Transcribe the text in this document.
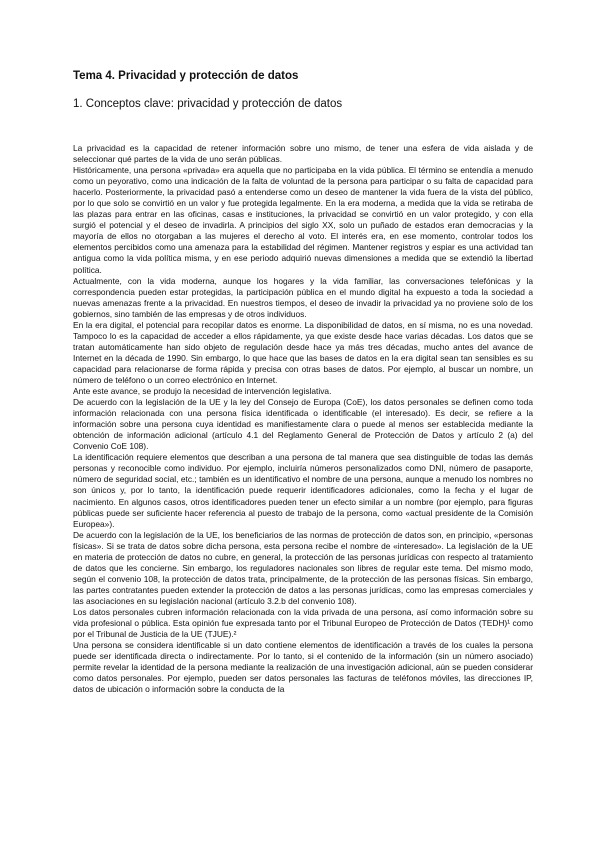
Tema 4. Privacidad y protección de datos
1. Conceptos clave: privacidad y protección de datos

La privacidad es la capacidad de retener información sobre uno mismo, de tener una esfera de vida aislada y de seleccionar qué partes de la vida de uno serán públicas.

Históricamente, una persona «privada» era aquella que no participaba en la vida pública. El término se entendía a menudo como un peyorativo, como una indicación de la falta de voluntad de la persona para participar o su falta de capacidad para hacerlo. Posteriormente, la privacidad pasó a entenderse como un deseo de mantener la vida fuera de la vista del público, por lo que solo se convirtió en un valor y fue protegida legalmente. En la era moderna, a medida que la vida se retiraba de las plazas para entrar en las oficinas, casas e instituciones, la privacidad se convirtió en un valor protegido, y con ella surgió el potencial y el deseo de invadirla. A principios del siglo XX, solo un puñado de estados eran democracias y la mayoría de ellos no otorgaban a las mujeres el derecho al voto. El interés era, en ese momento, controlar todos los elementos percibidos como una amenaza para la estabilidad del régimen. Mantener registros y espiar es una actividad tan antigua como la vida política misma, y en ese periodo adquirió nuevas dimensiones a medida que se extendió la libertad política.

Actualmente, con la vida moderna, aunque los hogares y la vida familiar, las conversaciones telefónicas y la correspondencia pueden estar protegidas, la participación pública en el mundo digital ha expuesto a toda la sociedad a nuevas amenazas frente a la privacidad. En nuestros tiempos, el deseo de invadir la privacidad ya no proviene solo de los gobiernos, sino también de las empresas y de otros individuos.

En la era digital, el potencial para recopilar datos es enorme. La disponibilidad de datos, en sí misma, no es una novedad. Tampoco lo es la capacidad de acceder a ellos rápidamente, ya que existe desde hace varias décadas. Los datos que se tratan automáticamente han sido objeto de regulación desde hace ya más tres décadas, mucho antes del avance de Internet en la década de 1990. Sin embargo, lo que hace que las bases de datos en la era digital sean tan sensibles es su capacidad para relacionarse de forma rápida y precisa con otras bases de datos. Por ejemplo, al buscar un nombre, un número de teléfono o un correo electrónico en Internet.

Ante este avance, se produjo la necesidad de intervención legislativa.

De acuerdo con la legislación de la UE y la ley del Consejo de Europa (CoE), los datos personales se definen como toda información relacionada con una persona física identificada o identificable (el interesado). Es decir, se refiere a la información sobre una persona cuya identidad es manifiestamente clara o puede al menos ser establecida mediante la obtención de información adicional (artículo 4.1 del Reglamento General de Protección de Datos y artículo 2 (a) del Convenio CoE 108).

La identificación requiere elementos que describan a una persona de tal manera que sea distinguible de todas las demás personas y reconocible como individuo. Por ejemplo, incluiría números personalizados como DNI, número de pasaporte, número de seguridad social, etc.; también es un identificativo el nombre de una persona, aunque a menudo los nombres no son únicos y, por lo tanto, la identificación puede requerir identificadores adicionales, como la fecha y el lugar de nacimiento. En algunos casos, otros identificadores pueden tener un efecto similar a un nombre (por ejemplo, para figuras públicas puede ser suficiente hacer referencia al puesto de trabajo de la persona, como «actual presidente de la Comisión Europea»).

De acuerdo con la legislación de la UE, los beneficiarios de las normas de protección de datos son, en principio, «personas físicas». Si se trata de datos sobre dicha persona, esta persona recibe el nombre de «interesado». La legislación de la UE en materia de protección de datos no cubre, en general, la protección de las personas jurídicas con respecto al tratamiento de datos que les concierne. Sin embargo, los reguladores nacionales son libres de regular este tema. Del mismo modo, según el convenio 108, la protección de datos trata, principalmente, de la protección de las personas físicas. Sin embargo, las partes contratantes pueden extender la protección de datos a las personas jurídicas, como las empresas comerciales y las asociaciones en su legislación nacional (artículo 3.2.b del convenio 108).

Los datos personales cubren información relacionada con la vida privada de una persona, así como información sobre su vida profesional o pública. Esta opinión fue expresada tanto por el Tribunal Europeo de Protección de Datos (TEDH)¹ como por el Tribunal de Justicia de la UE (TJUE).²

Una persona se considera identificable si un dato contiene elementos de identificación a través de los cuales la persona puede ser identificada directa o indirectamente. Por lo tanto, si el contenido de la información (sin un número asociado) permite revelar la identidad de la persona mediante la realización de una investigación adicional, aún se pueden considerar como datos personales. Por ejemplo, pueden ser datos personales las facturas de teléfonos móviles, las direcciones IP, datos de ubicación o información sobre la conducta de la
